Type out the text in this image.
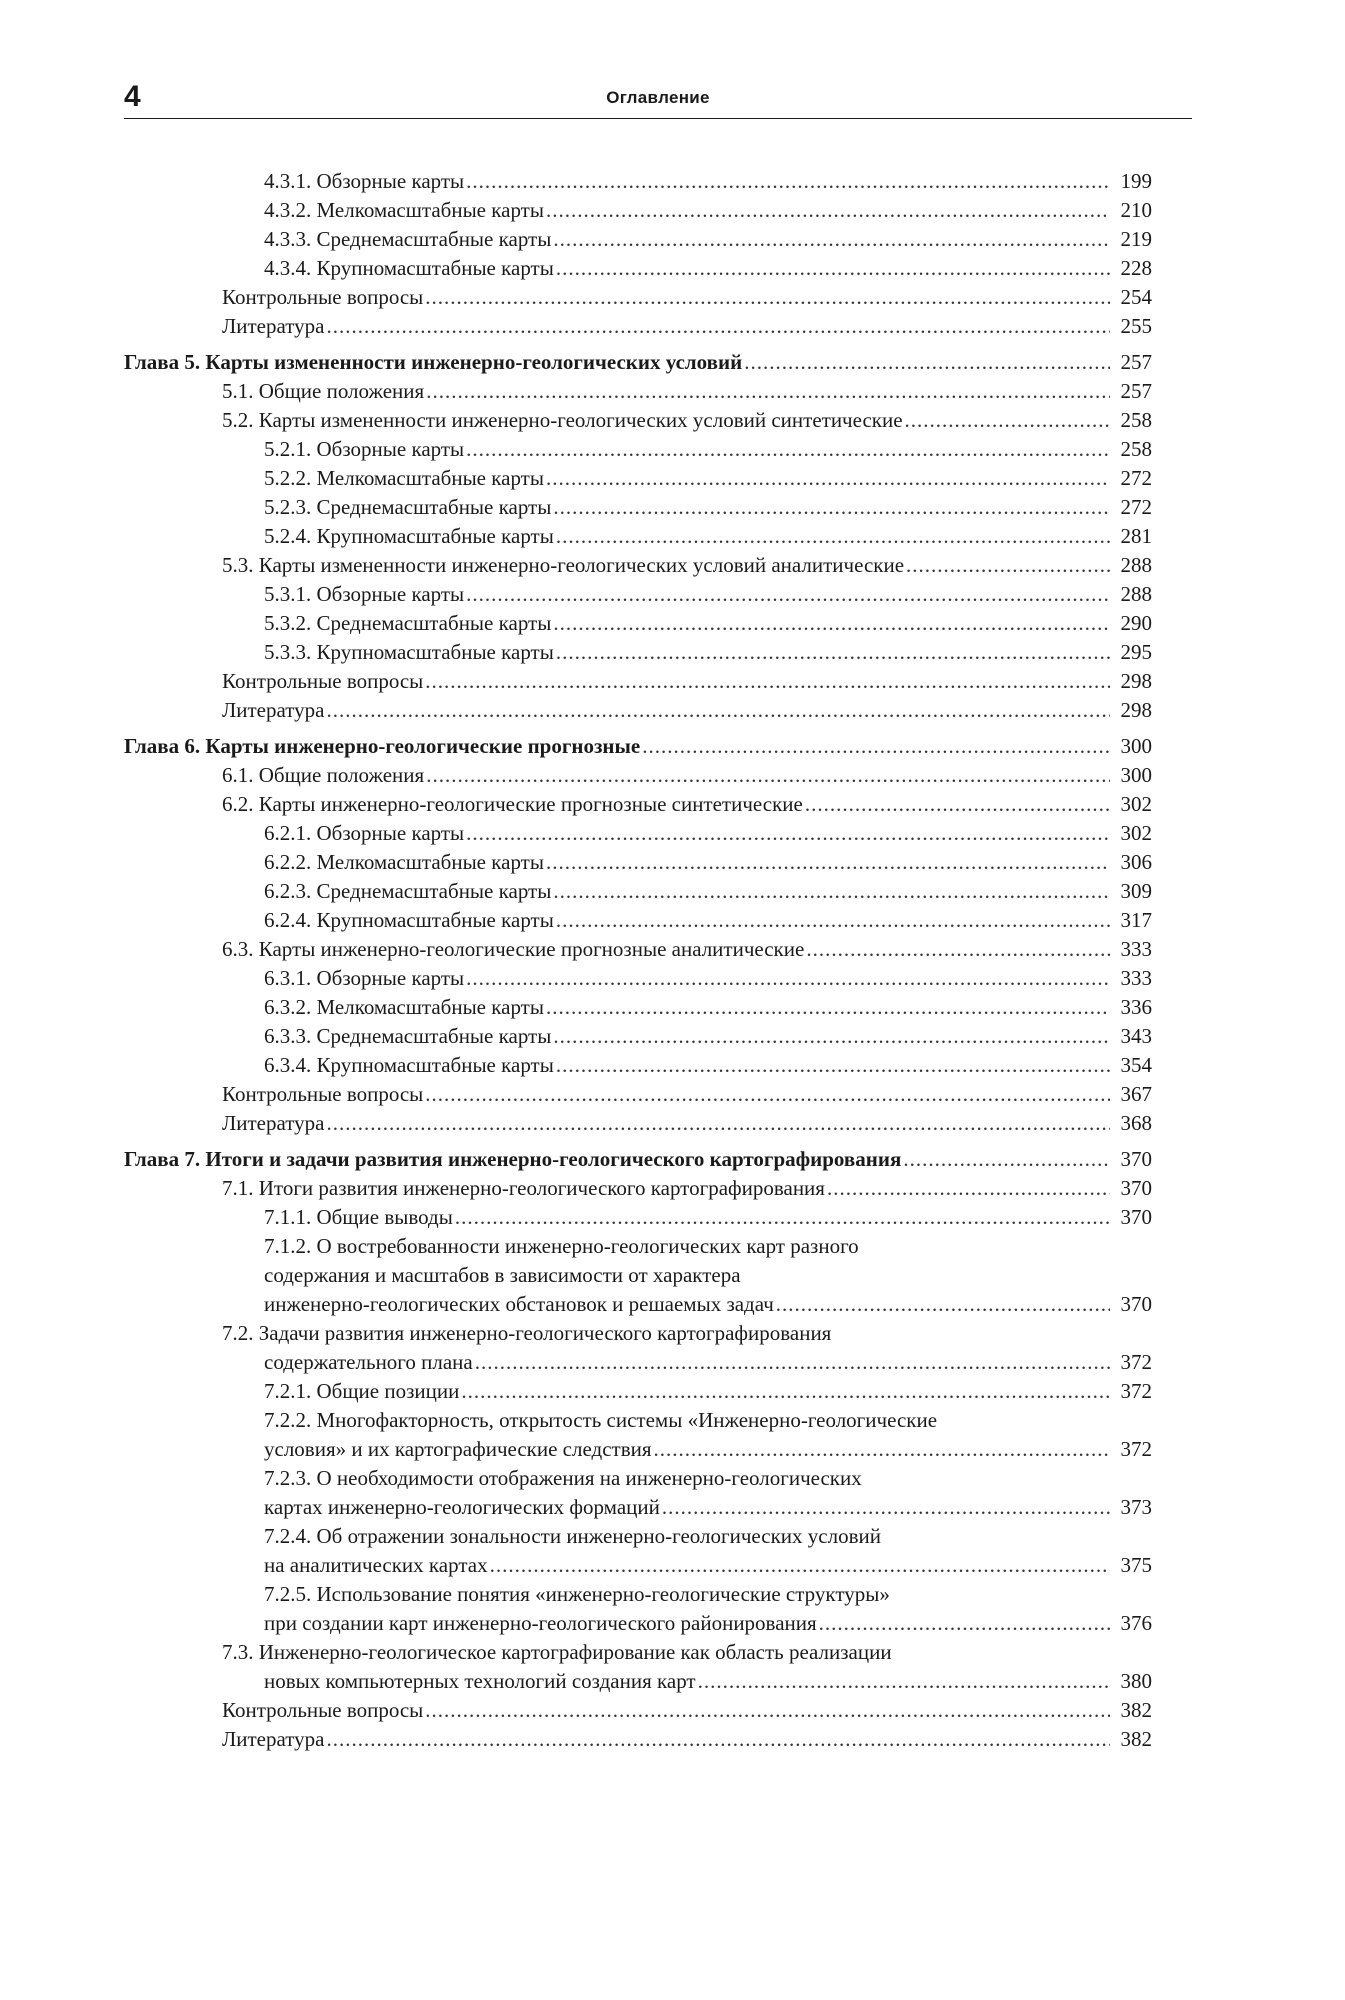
4	Оглавление
4.3.1. Обзорные карты .....	199
4.3.2. Мелкомасштабные карты .....	210
4.3.3. Среднемасштабные карты .....	219
4.3.4. Крупномасштабные карты .....	228
Контрольные вопросы .....	254
Литература .....	255
Глава 5. Карты измененности инженерно-геологических условий .....	257
5.1. Общие положения .....	257
5.2. Карты измененности инженерно-геологических условий синтетические .....	258
5.2.1. Обзорные карты .....	258
5.2.2. Мелкомасштабные карты .....	272
5.2.3. Среднемасштабные карты .....	272
5.2.4. Крупномасштабные карты .....	281
5.3. Карты измененности инженерно-геологических условий аналитические .....	288
5.3.1. Обзорные карты .....	288
5.3.2. Среднемасштабные карты .....	290
5.3.3. Крупномасштабные карты .....	295
Контрольные вопросы .....	298
Литература .....	298
Глава 6. Карты инженерно-геологические прогнозные .....	300
6.1. Общие положения .....	300
6.2. Карты инженерно-геологические прогнозные синтетические .....	302
6.2.1. Обзорные карты .....	302
6.2.2. Мелкомасштабные карты .....	306
6.2.3. Среднемасштабные карты .....	309
6.2.4. Крупномасштабные карты .....	317
6.3. Карты инженерно-геологические прогнозные аналитические .....	333
6.3.1. Обзорные карты .....	333
6.3.2. Мелкомасштабные карты .....	336
6.3.3. Среднемасштабные карты .....	343
6.3.4. Крупномасштабные карты .....	354
Контрольные вопросы .....	367
Литература .....	368
Глава 7. Итоги и задачи развития инженерно-геологического картографирования .....	370
7.1. Итоги развития инженерно-геологического картографирования .....	370
7.1.1. Общие выводы .....	370
7.1.2. О востребованности инженерно-геологических карт разного
содержания и масштабов в зависимости от характера
инженерно-геологических обстановок и решаемых задач .....	370
7.2. Задачи развития инженерно-геологического картографирования
содержательного плана .....	372
7.2.1. Общие позиции .....	372
7.2.2. Многофакторность, открытость системы «Инженерно-геологические
условия» и их картографические следствия .....	372
7.2.3. О необходимости отображения на инженерно-геологических
картах инженерно-геологических формаций .....	373
7.2.4. Об отражении зональности инженерно-геологических условий
на аналитических картах .....	375
7.2.5. Использование понятия «инженерно-геологические структуры»
при создании карт инженерно-геологического районирования .....	376
7.3. Инженерно-геологическое картографирование как область реализации
новых компьютерных технологий создания карт .....	380
Контрольные вопросы .....	382
Литература .....	382
